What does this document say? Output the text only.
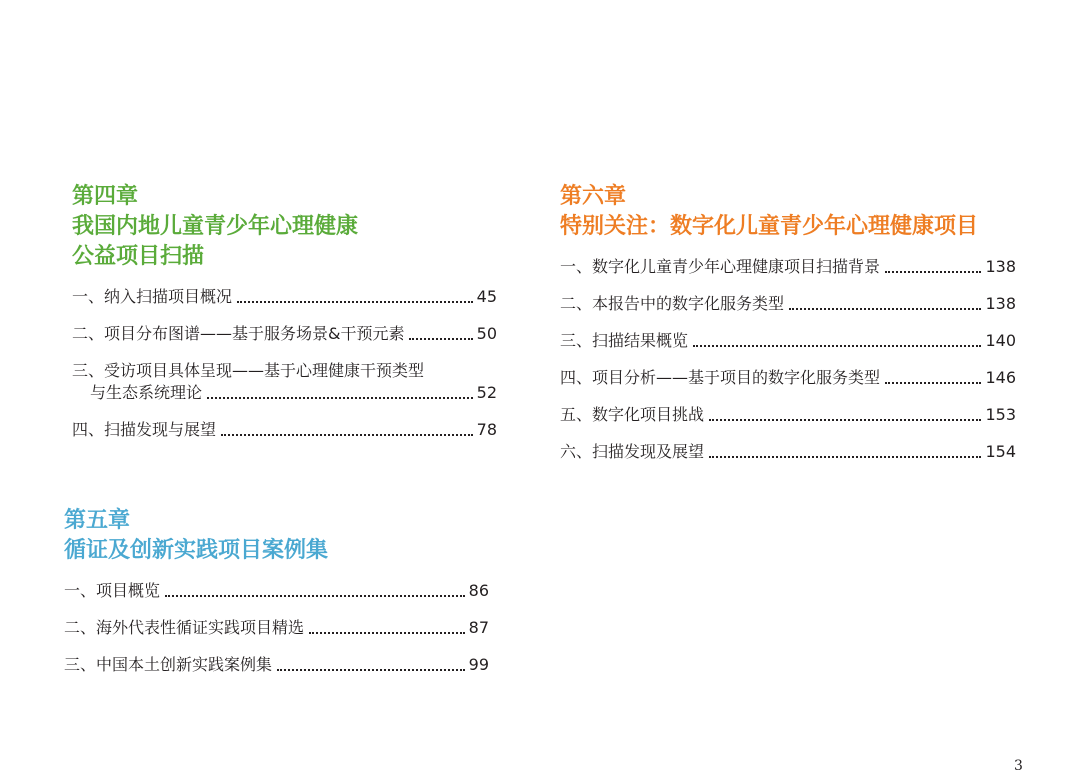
第四章
我国内地儿童青少年心理健康
公益项目扫描
一、纳入扫描项目概况	45
二、项目分布图谱——基于服务场景&干预元素	50
三、受访项目具体呈现——基于心理健康干预类型
与生态系统理论	52
四、扫描发现与展望	78
第五章
循证及创新实践项目案例集
一、项目概览	86
二、海外代表性循证实践项目精选	87
三、中国本土创新实践案例集	99
第六章
特别关注：数字化儿童青少年心理健康项目
一、数字化儿童青少年心理健康项目扫描背景	138
二、本报告中的数字化服务类型	138
三、扫描结果概览	140
四、项目分析——基于项目的数字化服务类型	146
五、数字化项目挑战	153
六、扫描发现及展望	154
3
